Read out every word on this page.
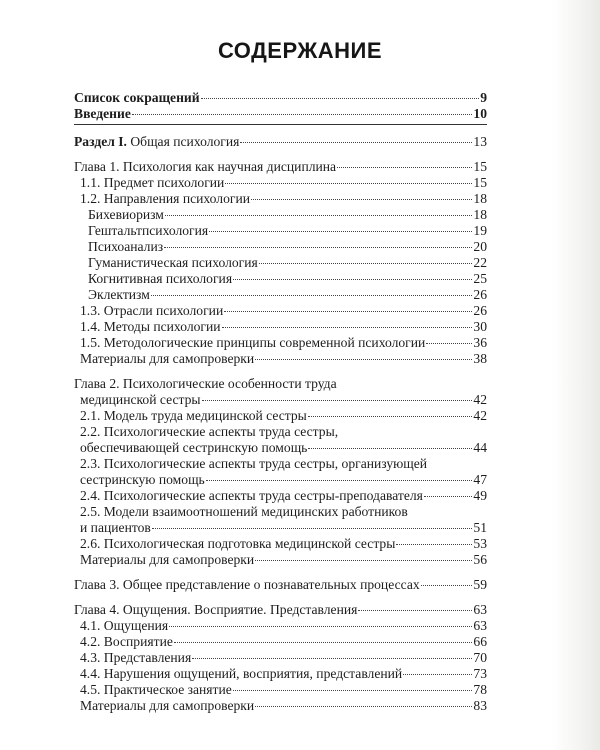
СОДЕРЖАНИЕ
Список сокращений	9
Введение	10
Раздел I. Общая психология	13
Глава 1. Психология как научная дисциплина	15
1.1. Предмет психологии	15
1.2. Направления психологии	18
Бихевиоризм	18
Гештальтпсихология	19
Психоанализ	20
Гуманистическая психология	22
Когнитивная психология	25
Эклектизм	26
1.3. Отрасли психологии	26
1.4. Методы психологии	30
1.5. Методологические принципы современной психологии	36
Материалы для самопроверки	38
Глава 2. Психологические особенности труда
медицинской сестры	42
2.1. Модель труда медицинской сестры	42
2.2. Психологические аспекты труда сестры,
обеспечивающей сестринскую помощь	44
2.3. Психологические аспекты труда сестры, организующей
сестринскую помощь	47
2.4. Психологические аспекты труда сестры-преподавателя	49
2.5. Модели взаимоотношений медицинских работников
и пациентов	51
2.6. Психологическая подготовка медицинской сестры	53
Материалы для самопроверки	56
Глава 3. Общее представление о познавательных процессах	59
Глава 4. Ощущения. Восприятие. Представления	63
4.1. Ощущения	63
4.2. Восприятие	66
4.3. Представления	70
4.4. Нарушения ощущений, восприятия, представлений	73
4.5. Практическое занятие	78
Материалы для самопроверки	83
